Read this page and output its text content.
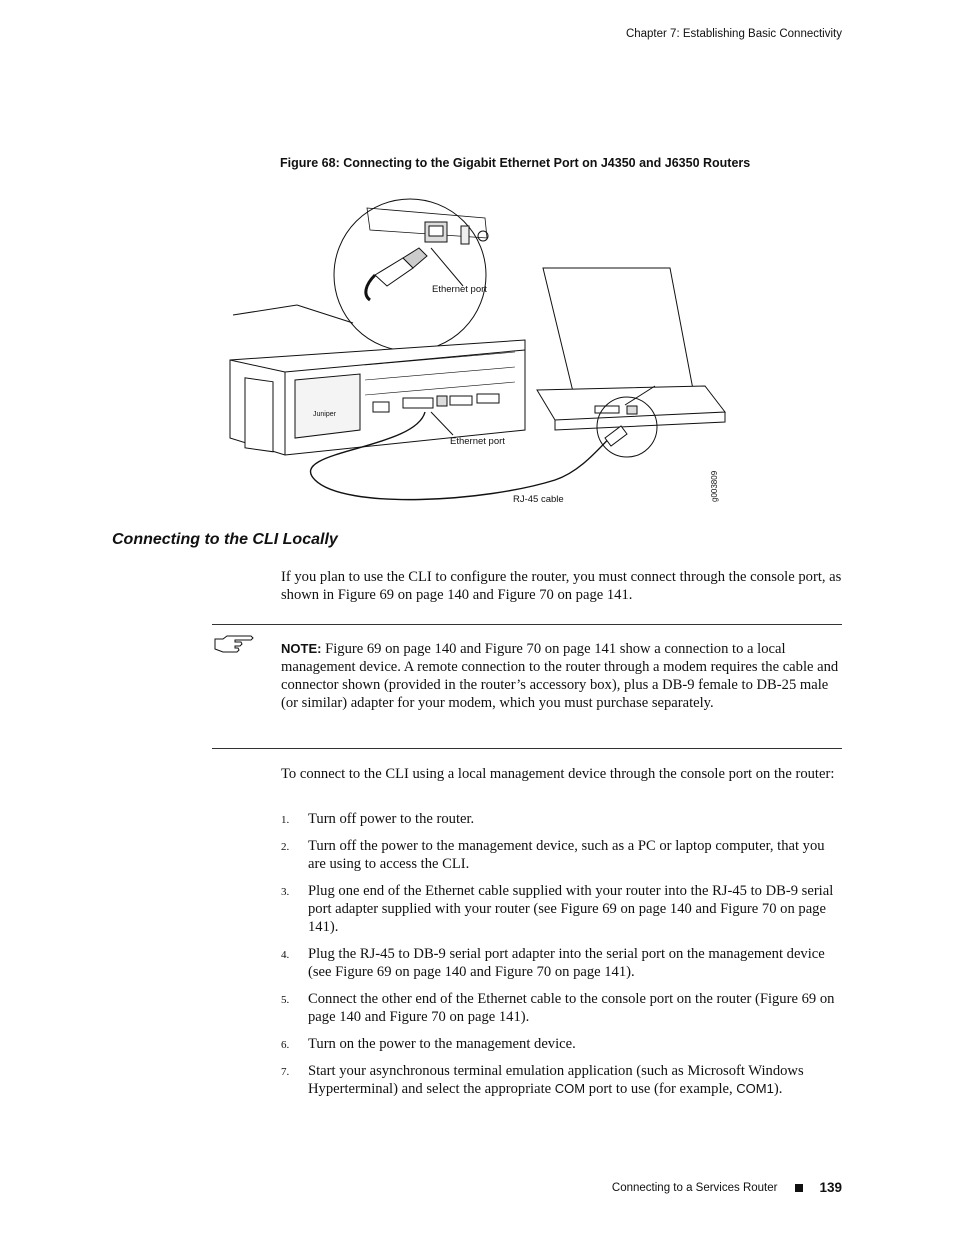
Chapter 7: Establishing Basic Connectivity
Figure 68: Connecting to the Gigabit Ethernet Port on J4350 and J6350 Routers
Juniper
Ethernet port
Ethernet port
RJ-45 cable	g003809
Connecting to the CLI Locally

If you plan to use the CLI to configure the router, you must connect through the console port, as shown in Figure 69 on page 140 and Figure 70 on page 141.

NOTE: Figure 69 on page 140 and Figure 70 on page 141 show a connection to a local management device. A remote connection to the router through a modem requires the cable and connector shown (provided in the router’s accessory box), plus a DB-9 female to DB-25 male (or similar) adapter for your modem, which you must purchase separately.

To connect to the CLI using a local management device through the console port on the router:

1. Turn off power to the router.
2. Turn off the power to the management device, such as a PC or laptop computer, that you are using to access the CLI.
3. Plug one end of the Ethernet cable supplied with your router into the RJ-45 to DB-9 serial port adapter supplied with your router (see Figure 69 on page 140 and Figure 70 on page 141).
4. Plug the RJ-45 to DB-9 serial port adapter into the serial port on the management device (see Figure 69 on page 140 and Figure 70 on page 141).
5. Connect the other end of the Ethernet cable to the console port on the router (Figure 69 on page 140 and Figure 70 on page 141).
6. Turn on the power to the management device.
7. Start your asynchronous terminal emulation application (such as Microsoft Windows Hyperterminal) and select the appropriate COM port to use (for example, COM1).
Connecting to a Services Router	139
